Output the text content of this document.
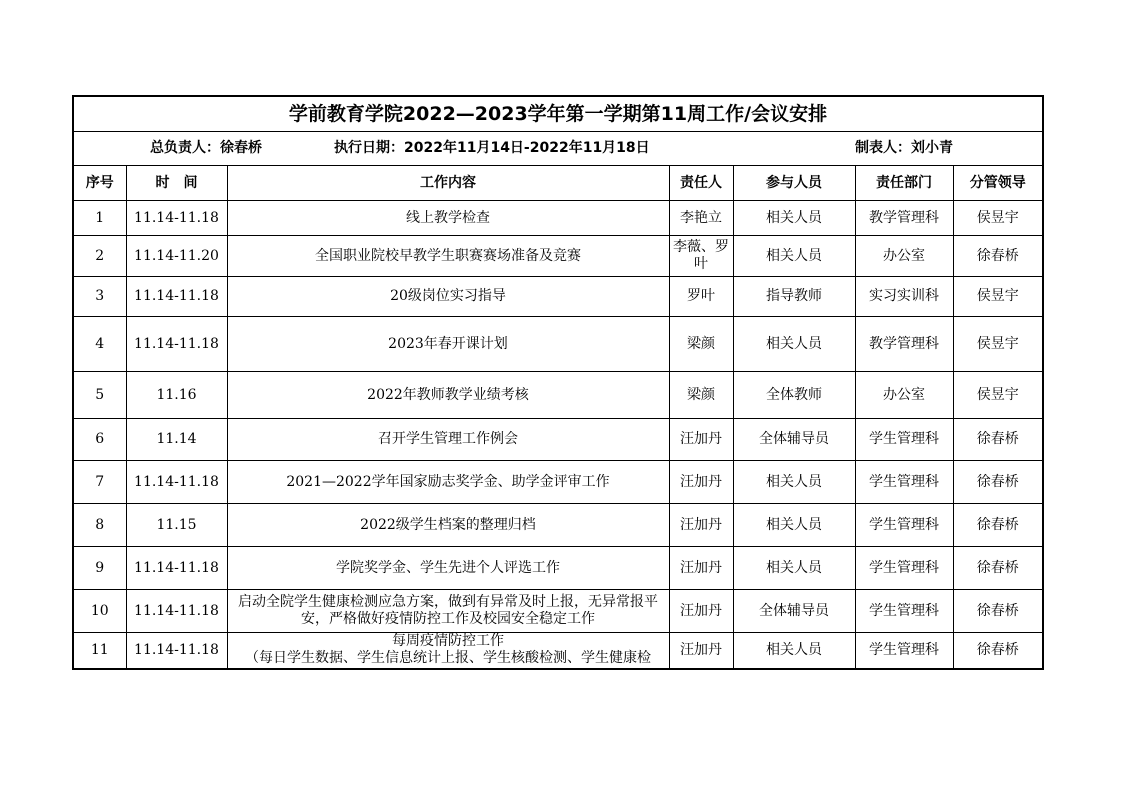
学前教育学院2022—2023学年第一学期第11周工作/会议安排						

总负责人：徐春桥 执行日期：2022年11月14日-2022年11月18日 制表人：刘小青						

序号	时　间	工作内容	责任人	参与人员	责任部门	分管领导
1	11.14-11.18	线上教学检查	李艳立	相关人员	教学管理科	侯昱宇
2	11.14-11.20	全国职业院校早教学生职赛赛场准备及竞赛	李薇、罗叶	相关人员	办公室	徐春桥
3	11.14-11.18	20级岗位实习指导	罗叶	指导教师	实习实训科	侯昱宇
4	11.14-11.18	2023年春开课计划	梁颜	相关人员	教学管理科	侯昱宇
5	11.16	2022年教师教学业绩考核	梁颜	全体教师	办公室	侯昱宇
6	11.14	召开学生管理工作例会	汪加丹	全体辅导员	学生管理科	徐春桥
7	11.14-11.18	2021—2022学年国家励志奖学金、助学金评审工作	汪加丹	相关人员	学生管理科	徐春桥
8	11.15	2022级学生档案的整理归档	汪加丹	相关人员	学生管理科	徐春桥
9	11.14-11.18	学院奖学金、学生先进个人评选工作	汪加丹	相关人员	学生管理科	徐春桥
10	11.14-11.18	启动全院学生健康检测应急方案，做到有异常及时上报，无异常报平安，严格做好疫情防控工作及校园安全稳定工作	汪加丹	全体辅导员	学生管理科	徐春桥
11	11.14-11.18	每周疫情防控工作
（每日学生数据、学生信息统计上报、学生核酸检测、学生健康检	汪加丹	相关人员	学生管理科	徐春桥
